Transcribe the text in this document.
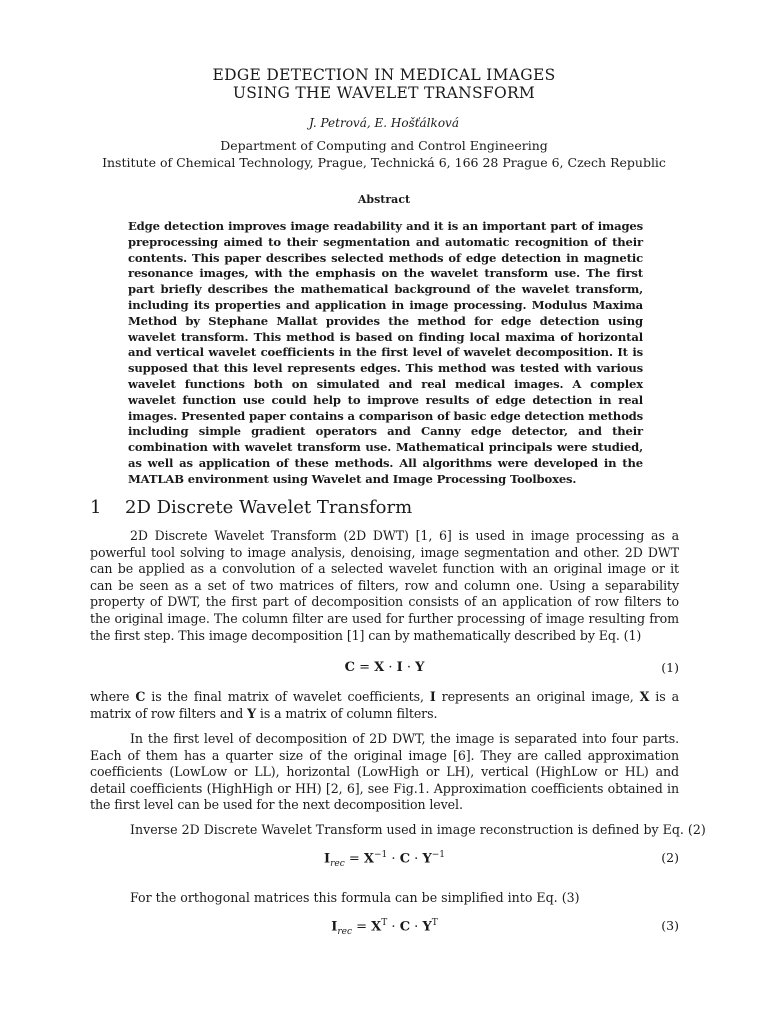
EDGE DETECTION IN MEDICAL IMAGES
USING THE WAVELET TRANSFORM
J. Petrová, E. Hošťálková
Department of Computing and Control Engineering
Institute of Chemical Technology, Prague, Technická 6, 166 28 Prague 6, Czech Republic
Abstract

Edge detection improves image readability and it is an important part of images preprocessing aimed to their segmentation and automatic recognition of their contents. This paper describes selected methods of edge detection in magnetic resonance images, with the emphasis on the wavelet transform use. The first part briefly describes the mathematical background of the wavelet transform, including its properties and application in image processing. Modulus Maxima Method by Stephane Mallat provides the method for edge detection using wavelet transform. This method is based on finding local maxima of horizontal and vertical wavelet coefficients in the first level of wavelet decomposition. It is supposed that this level represents edges. This method was tested with various wavelet functions both on simulated and real medical images. A complex wavelet function use could help to improve results of edge detection in real images. Presented paper contains a comparison of basic edge detection methods including simple gradient operators and Canny edge detector, and their combination with wavelet transform use. Mathematical principals were studied, as well as application of these methods. All algorithms were developed in the MATLAB environment using Wavelet and Image Processing Toolboxes.

1 2D Discrete Wavelet Transform

2D Discrete Wavelet Transform (2D DWT) [1, 6] is used in image processing as a powerful tool solving to image analysis, denoising, image segmentation and other. 2D DWT can be applied as a convolution of a selected wavelet function with an original image or it can be seen as a set of two matrices of filters, row and column one. Using a separability property of DWT, the first part of decomposition consists of an application of row filters to the original image. The column filter are used for further processing of image resulting from the first step. This image decomposition [1] can by mathematically described by Eq. (1)

C = X · I · Y	(1)

where C is the final matrix of wavelet coefficients, I represents an original image, X is a matrix of row filters and Y is a matrix of column filters.

In the first level of decomposition of 2D DWT, the image is separated into four parts. Each of them has a quarter size of the original image [6]. They are called approximation coefficients (LowLow or LL), horizontal (LowHigh or LH), vertical (HighLow or HL) and detail coefficients (HighHigh or HH) [2, 6], see Fig.1. Approximation coefficients obtained in the first level can be used for the next decomposition level.

Inverse 2D Discrete Wavelet Transform used in image reconstruction is defined by Eq. (2)
$I_{rec} = X^{-1} \cdot C \cdot Y^{-1}$	(2)
For the orthogonal matrices this formula can be simplified into Eq. (3)
$I_{rec} = X^T \cdot C \cdot Y^T$	(3)
